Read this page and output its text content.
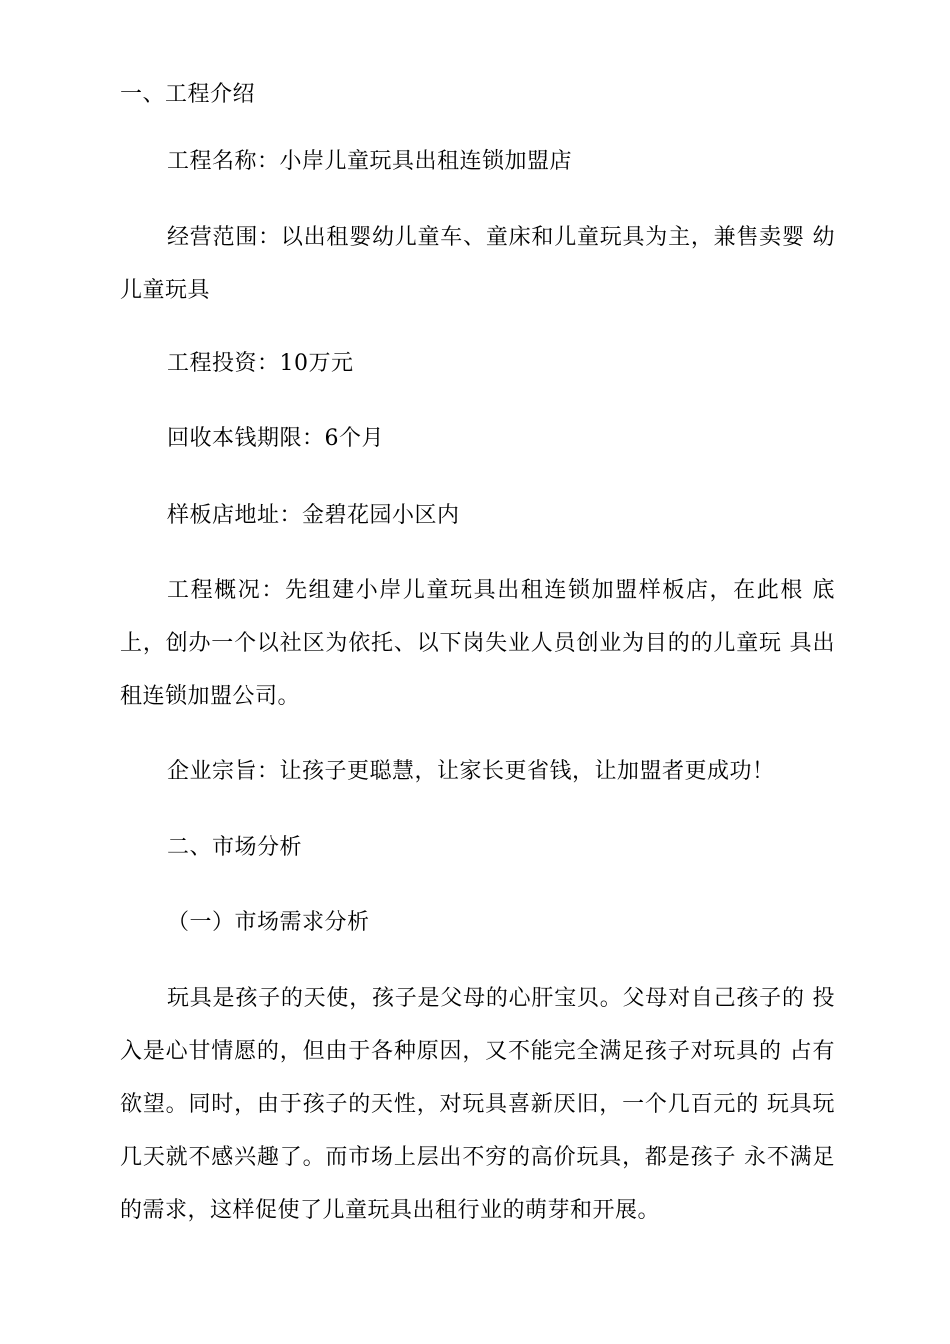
一、工程介绍
工程名称：小岸儿童玩具出租连锁加盟店
经营范围：以出租婴幼儿童车、童床和儿童玩具为主，兼售卖婴 幼儿童玩具
工程投资：10万元
回收本钱期限：6个月
样板店地址：金碧花园小区内
工程概况：先组建小岸儿童玩具出租连锁加盟样板店，在此根 底上，创办一个以社区为依托、以下岗失业人员创业为目的的儿童玩 具出租连锁加盟公司。
企业宗旨：让孩子更聪慧，让家长更省钱，让加盟者更成功！
二、市场分析
（一）市场需求分析
玩具是孩子的天使，孩子是父母的心肝宝贝。父母对自己孩子的 投入是心甘情愿的，但由于各种原因，又不能完全满足孩子对玩具的 占有欲望。同时，由于孩子的天性，对玩具喜新厌旧，一个几百元的 玩具玩几天就不感兴趣了。而市场上层出不穷的高价玩具，都是孩子 永不满足的需求，这样促使了儿童玩具出租行业的萌芽和开展。
